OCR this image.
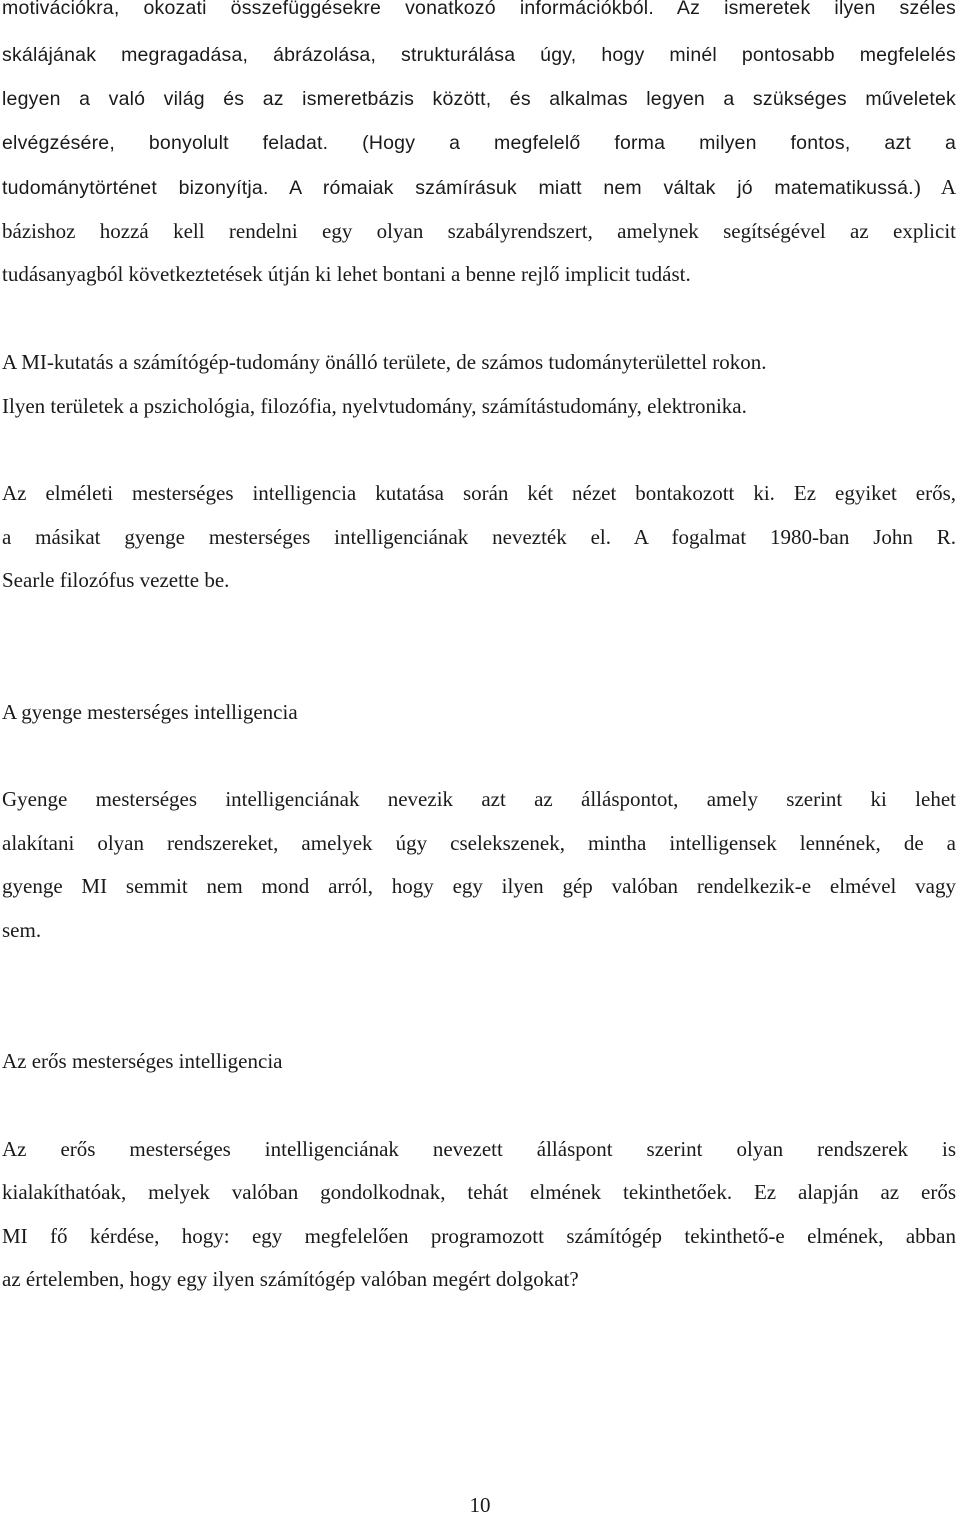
motivációkra, okozati összefüggésekre vonatkozó információkból. Az ismeretek ilyen széles
skálájának megragadása, ábrázolása, strukturálása úgy, hogy minél pontosabb megfelelés
legyen a való világ és az ismeretbázis között, és alkalmas legyen a szükséges műveletek
elvégzésére, bonyolult feladat. (Hogy a megfelelő forma milyen fontos, azt a
tudománytörténet bizonyítja. A rómaiak számírásuk miatt nem váltak jó matematikussá.) A
bázishoz hozzá kell rendelni egy olyan szabályrendszert, amelynek segítségével az explicit
tudásanyagból következtetések útján ki lehet bontani a benne rejlő implicit tudást.
A MI-kutatás a számítógép-tudomány önálló területe, de számos tudományterülettel rokon.
Ilyen területek a pszichológia, filozófia, nyelvtudomány, számítástudomány, elektronika.
Az elméleti mesterséges intelligencia kutatása során két nézet bontakozott ki. Ez egyiket erős,
a másikat gyenge mesterséges intelligenciának nevezték el. A fogalmat 1980-ban John R.
Searle filozófus vezette be.
A gyenge mesterséges intelligencia
Gyenge mesterséges intelligenciának nevezik azt az álláspontot, amely szerint ki lehet
alakítani olyan rendszereket, amelyek úgy cselekszenek, mintha intelligensek lennének, de a
gyenge MI semmit nem mond arról, hogy egy ilyen gép valóban rendelkezik-e elmével vagy
sem.
Az erős mesterséges intelligencia
Az erős mesterséges intelligenciának nevezett álláspont szerint olyan rendszerek is
kialakíthatóak, melyek valóban gondolkodnak, tehát elmének tekinthetőek. Ez alapján az erős
MI fő kérdése, hogy: egy megfelelően programozott számítógép tekinthető-e elmének, abban
az értelemben, hogy egy ilyen számítógép valóban megért dolgokat?
10
